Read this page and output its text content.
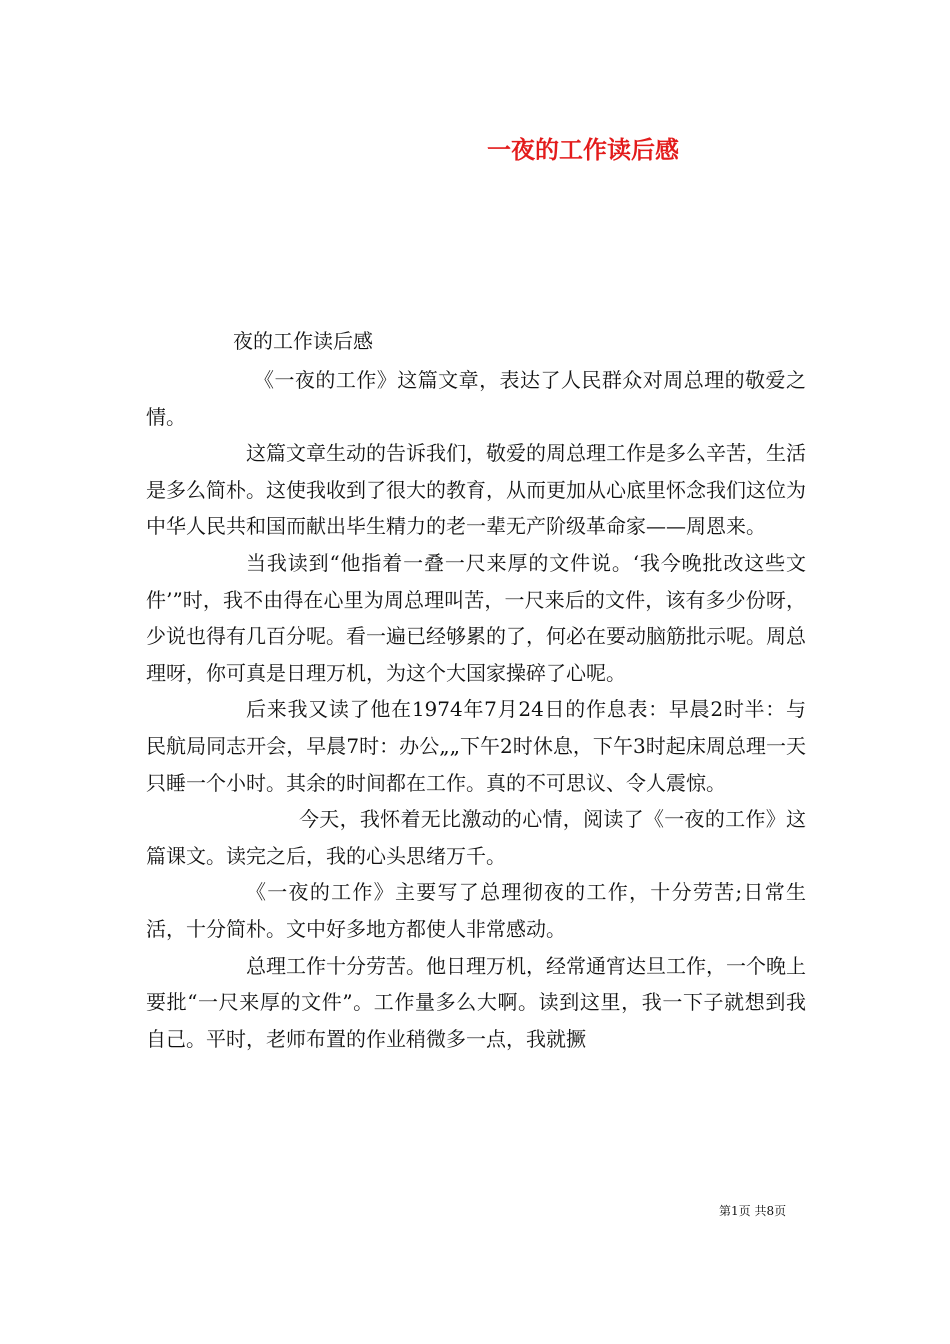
一夜的工作读后感
夜的工作读后感

《一夜的工作》这篇文章，表达了人民群众对周总理的敬爱之情。

这篇文章生动的告诉我们，敬爱的周总理工作是多么辛苦，生活是多么简朴。这使我收到了很大的教育，从而更加从心底里怀念我们这位为中华人民共和国而献出毕生精力的老一辈无产阶级革命家——周恩来。

当我读到“他指着一叠一尺来厚的文件说。‘我今晚批改这些文件’”时，我不由得在心里为周总理叫苦，一尺来后的文件，该有多少份呀，少说也得有几百分呢。看一遍已经够累的了，何必在要动脑筋批示呢。周总理呀，你可真是日理万机，为这个大国家操碎了心呢。

后来我又读了他在1974年7月24日的作息表：早晨2时半：与民航局同志开会，早晨7时：办公„„下午2时休息，下午3时起床周总理一天只睡一个小时。其余的时间都在工作。真的不可思议、令人震惊。

今天，我怀着无比激动的心情，阅读了《一夜的工作》这篇课文。读完之后，我的心头思绪万千。

《一夜的工作》主要写了总理彻夜的工作，十分劳苦;日常生活，十分简朴。文中好多地方都使人非常感动。

总理工作十分劳苦。他日理万机，经常通宵达旦工作，一个晚上要批“一尺来厚的文件”。工作量多么大啊。读到这里，我一下子就想到我自己。平时，老师布置的作业稍微多一点，我就撅

第1页 共8页
